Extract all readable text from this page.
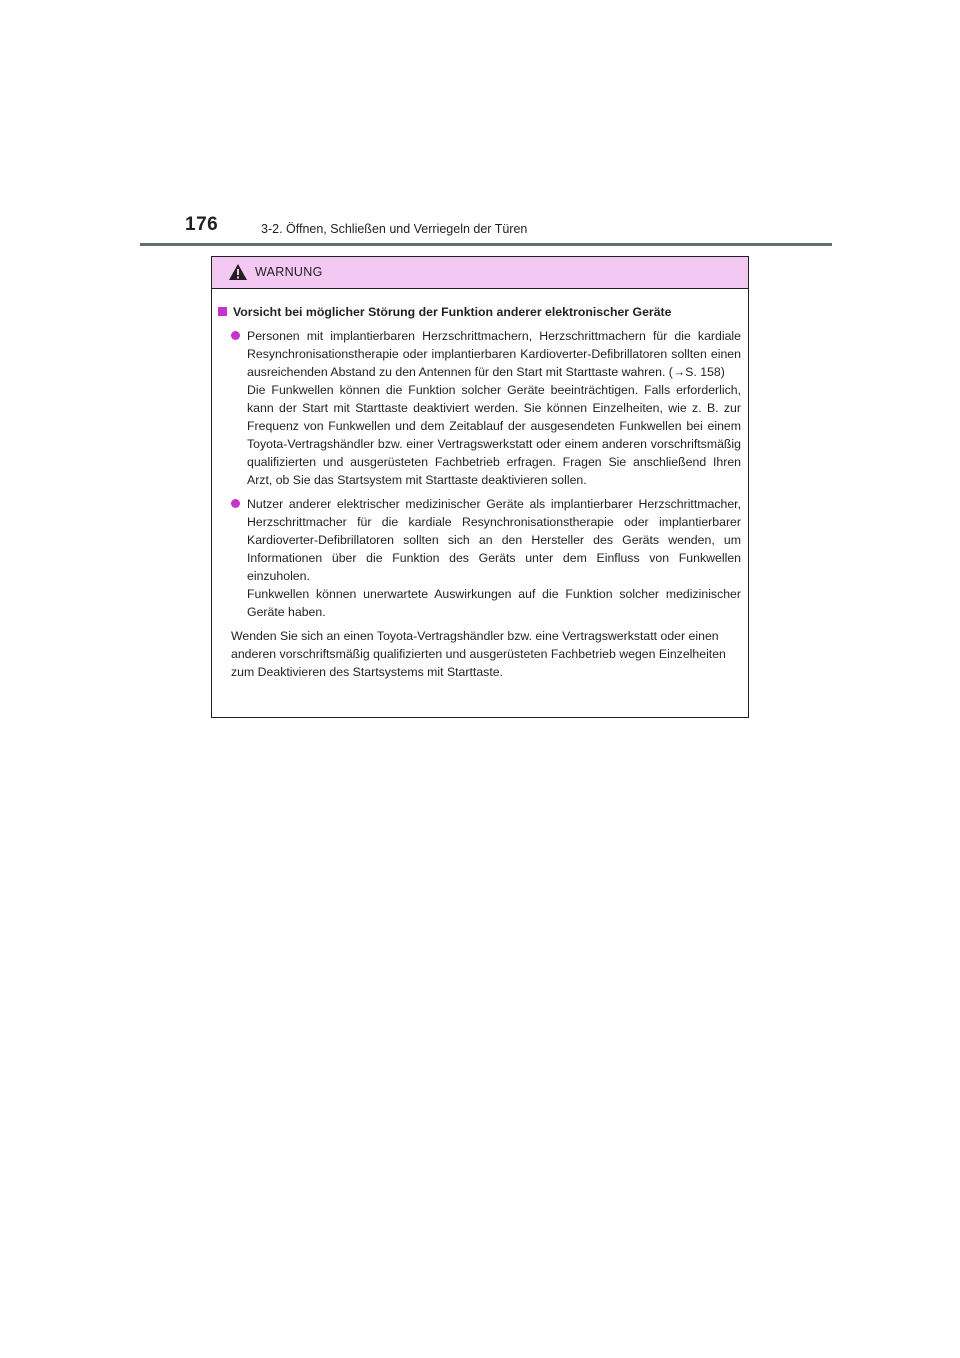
176	3-2. Öffnen, Schließen und Verriegeln der Türen
WARNUNG
Vorsicht bei möglicher Störung der Funktion anderer elektronischer Geräte

Personen mit implantierbaren Herzschrittmachern, Herzschrittmachern für die kardiale Resynchronisationstherapie oder implantierbaren Kardioverter-Defibrillatoren sollten einen ausreichenden Abstand zu den Antennen für den Start mit Starttaste wahren. (→S. 158)

Die Funkwellen können die Funktion solcher Geräte beeinträchtigen. Falls erforderlich, kann der Start mit Starttaste deaktiviert werden. Sie können Einzelheiten, wie z. B. zur Frequenz von Funkwellen und dem Zeitablauf der ausgesendeten Funkwellen bei einem Toyota-Vertragshändler bzw. einer Vertragswerkstatt oder einem anderen vorschriftsmäßig qualifizierten und ausgerüsteten Fachbetrieb erfragen. Fragen Sie anschließend Ihren Arzt, ob Sie das Startsystem mit Starttaste deaktivieren sollen.

Nutzer anderer elektrischer medizinischer Geräte als implantierbarer Herzschrittmacher, Herzschrittmacher für die kardiale Resynchronisationstherapie oder implantierbarer Kardioverter-Defibrillatoren sollten sich an den Hersteller des Geräts wenden, um Informationen über die Funktion des Geräts unter dem Einfluss von Funkwellen einzuholen.

Funkwellen können unerwartete Auswirkungen auf die Funktion solcher medizinischer Geräte haben.

Wenden Sie sich an einen Toyota-Vertragshändler bzw. eine Vertragswerkstatt oder einen anderen vorschriftsmäßig qualifizierten und ausgerüsteten Fachbetrieb wegen Einzelheiten zum Deaktivieren des Startsystems mit Starttaste.
